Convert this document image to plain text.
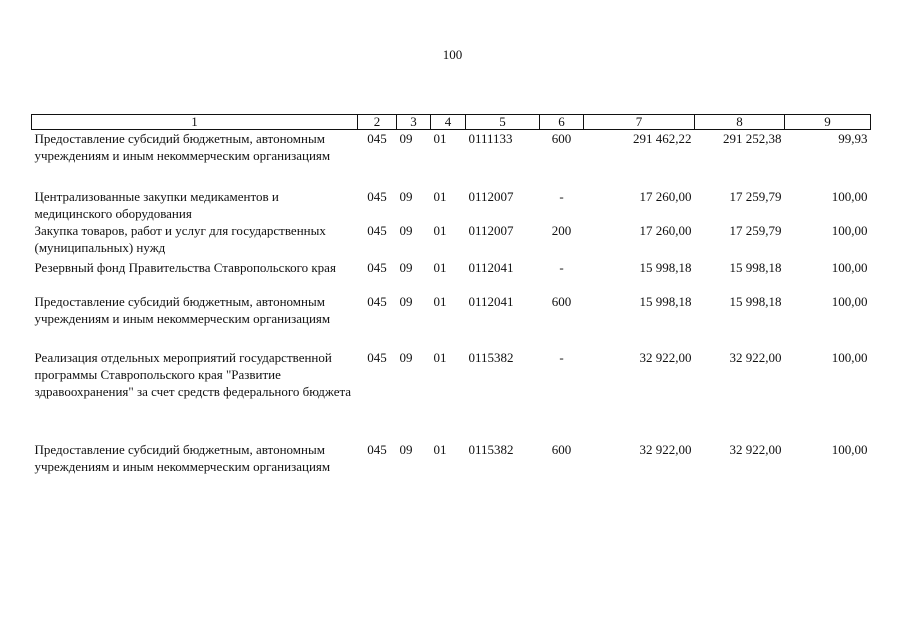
100
1	2	3	4	5	6	7	8	9
Предоставление субсидий бюджетным, автономным учреждениям и иным некоммерческим организациям	045	09	01	0111133	600	291 462,22	291 252,38	99,93
Централизованные закупки медикаментов и медицинского оборудования	045	09	01	0112007	-	17 260,00	17 259,79	100,00
Закупка товаров, работ и услуг для государственных (муниципальных) нужд	045	09	01	0112007	200	17 260,00	17 259,79	100,00
Резервный фонд Правительства Ставропольского края	045	09	01	0112041	-	15 998,18	15 998,18	100,00
Предоставление субсидий бюджетным, автономным учреждениям и иным некоммерческим организациям	045	09	01	0112041	600	15 998,18	15 998,18	100,00
Реализация отдельных мероприятий государственной программы Ставропольского края "Развитие здравоохранения" за счет средств федерального бюджета	045	09	01	0115382	-	32 922,00	32 922,00	100,00
Предоставление субсидий бюджетным, автономным учреждениям и иным некоммерческим организациям	045	09	01	0115382	600	32 922,00	32 922,00	100,00
